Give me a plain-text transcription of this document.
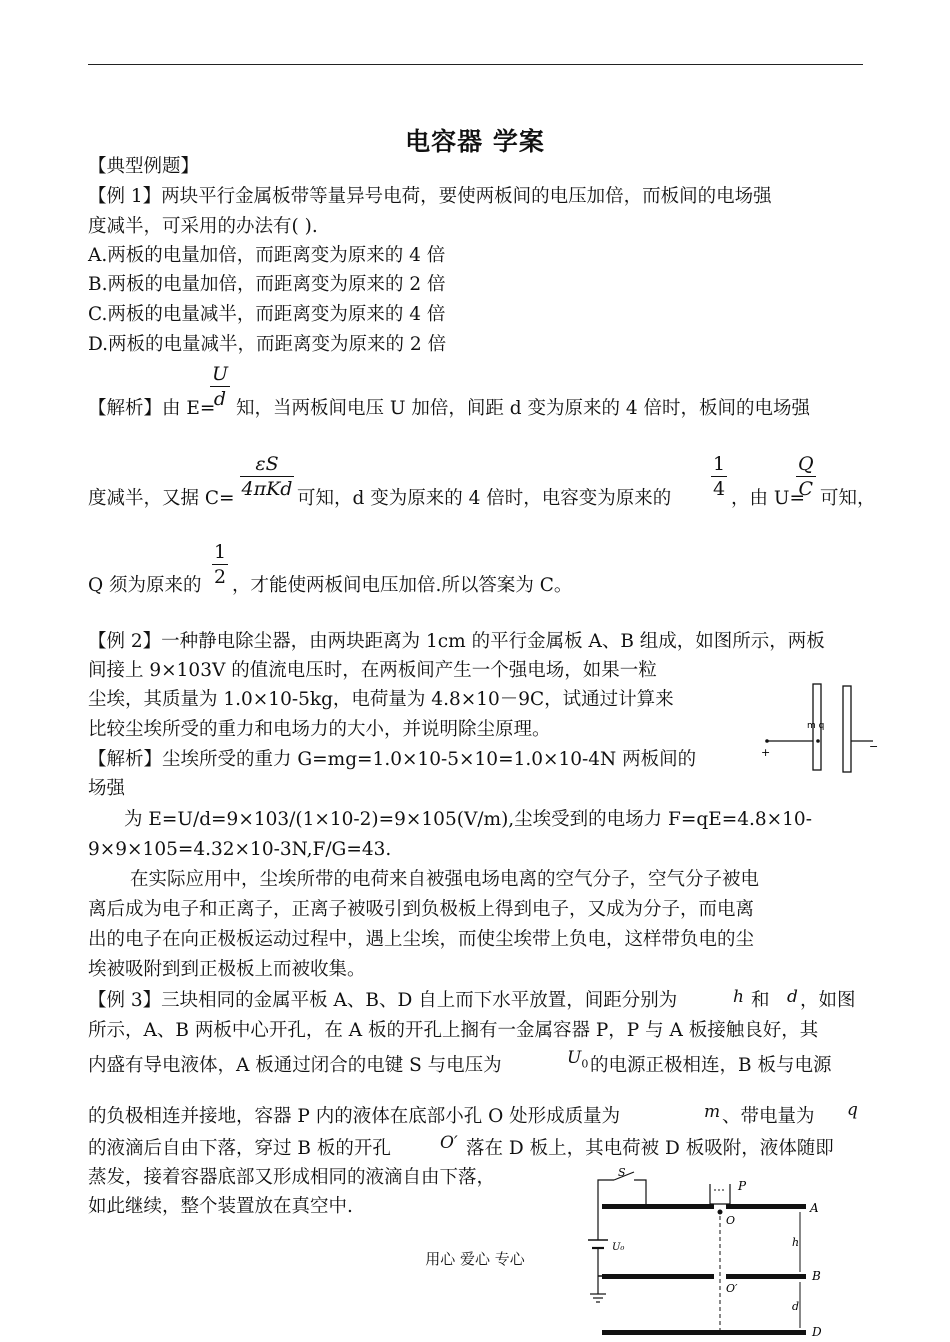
电容器 学案
【典型例题】
【例 1】两块平行金属板带等量异号电荷，要使两板间的电压加倍，而板间的电场强
度减半，可采用的办法有( ).
A.两板的电量加倍，而距离变为原来的 4 倍
B.两板的电量加倍，而距离变为原来的 2 倍
C.两板的电量减半，而距离变为原来的 4 倍
D.两板的电量减半，而距离变为原来的 2 倍
【解析】由 E=
$\frac{U}{d}$ 知，当两板间电压 U 加倍，间距 d 变为原来的 4 倍时，板间的电场强
度减半，又据 C=
εS
4πKd 可知，d 变为原来的 4 倍时，电容变为原来的 $\frac{1}{4}$ ，由 U=
$\frac{Q}{C}$ 可知，
Q 须为原来的 $\frac{1}{2}$ ，才能使两板间电压加倍.所以答案为 C。
【例 2】一种静电除尘器，由两块距离为 1cm 的平行金属板 A、B 组成，如图所示，两板
间接上 9×103V 的值流电压时，在两板间产生一个强电场，如果一粒
尘埃，其质量为 1.0×10-5kg，电荷量为 4.8×10－9C，试通过计算来
比较尘埃所受的重力和电场力的大小，并说明除尘原理。
【解析】尘埃所受的重力 G=mg=1.0×10-5×10=1.0×10-4N 两板间的
场强
为 E=U/d=9×103/(1×10-2)=9×105(V/m),尘埃受到的电场力 F=qE=4.8×10-
9×9×105=4.32×10-3N,F/G=43.
在实际应用中，尘埃所带的电荷来自被强电场电离的空气分子，空气分子被电
离后成为电子和正离子，正离子被吸引到负极板上得到电子，又成为分子，而电离
出的电子在向正极板运动过程中，遇上尘埃，而使尘埃带上负电，这样带负电的尘
埃被吸附到到正极板上而被收集。
m q
+	−
【例 3】三块相同的金属平板 A、B、D 自上而下水平放置，间距分别为	h 和 d ，如图
所示，A、B 两板中心开孔，在 A 板的开孔上搁有一金属容器 P，P 与 A 板接触良好，其
内盛有导电液体，A 板通过闭合的电键 S 与电压为	$U_0$ 的电源正极相连，B 板与电源
的负极相连并接地，容器 P 内的液体在底部小孔 O 处形成质量为	m 、带电量为 q
的液滴后自由下落，穿过 B 板的开孔	O′ 落在 D 板上，其电荷被 D 板吸附，液体随即
蒸发，接着容器底部又形成相同的液滴自由下落，
如此继续，整个装置放在真空中.
S
U₀
P
O
A
O′
B
h
d
D
用心 爱心 专心
